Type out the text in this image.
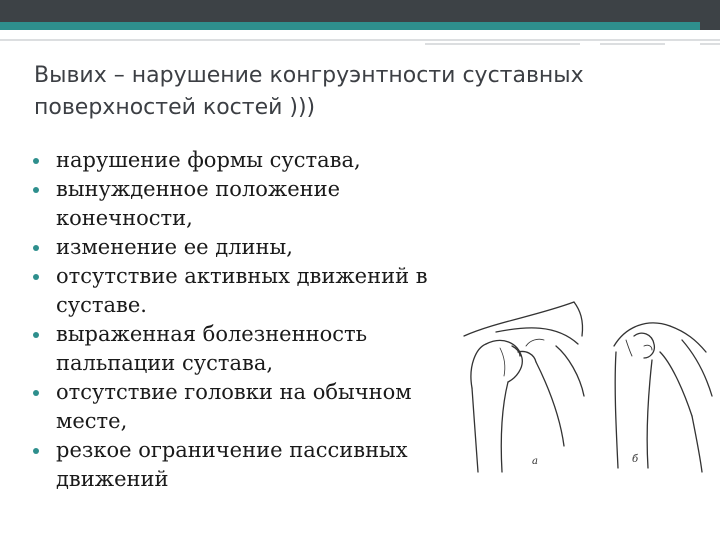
Вывих – нарушение конгруэнтности суставных
поверхностей костей )))
нарушение формы сустава,
вынужденное положение
конечности,
изменение ее длины,
отсутствие активных движений в
суставе.
выраженная болезненность
пальпации сустава,
отсутствие головки на обычном
месте,
резкое ограничение пассивных
движений
а	б
